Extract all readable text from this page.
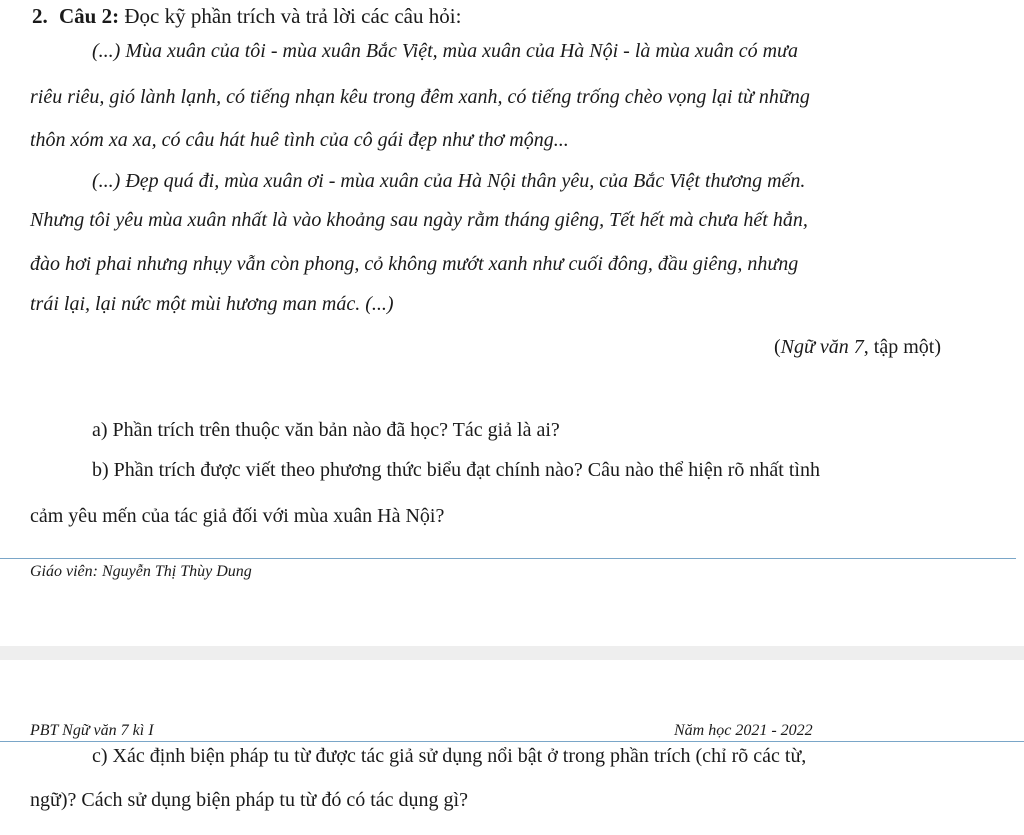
2. Câu 2: Đọc kỹ phần trích và trả lời các câu hỏi:
(...) Mùa xuân của tôi - mùa xuân Bắc Việt, mùa xuân của Hà Nội - là mùa xuân có mưa
riêu riêu, gió lành lạnh, có tiếng nhạn kêu trong đêm xanh, có tiếng trống chèo vọng lại từ những
thôn xóm xa xa, có câu hát huê tình của cô gái đẹp như thơ mộng...
(...) Đẹp quá đi, mùa xuân ơi - mùa xuân của Hà Nội thân yêu, của Bắc Việt thương mến.
Nhưng tôi yêu mùa xuân nhất là vào khoảng sau ngày rằm tháng giêng, Tết hết mà chưa hết hẳn,
đào hơi phai nhưng nhụy vẫn còn phong, cỏ không mướt xanh như cuối đông, đầu giêng, nhưng
trái lại, lại nức một mùi hương man mác. (...)
(Ngữ văn 7, tập một)
a) Phần trích trên thuộc văn bản nào đã học? Tác giả là ai?
b) Phần trích được viết theo phương thức biểu đạt chính nào? Câu nào thể hiện rõ nhất tình
cảm yêu mến của tác giả đối với mùa xuân Hà Nội?
Giáo viên: Nguyễn Thị Thùy Dung
PBT Ngữ văn 7 kì I	Năm học 2021 - 2022
c) Xác định biện pháp tu từ được tác giả sử dụng nổi bật ở trong phần trích (chỉ rõ các từ,
ngữ)? Cách sử dụng biện pháp tu từ đó có tác dụng gì?
